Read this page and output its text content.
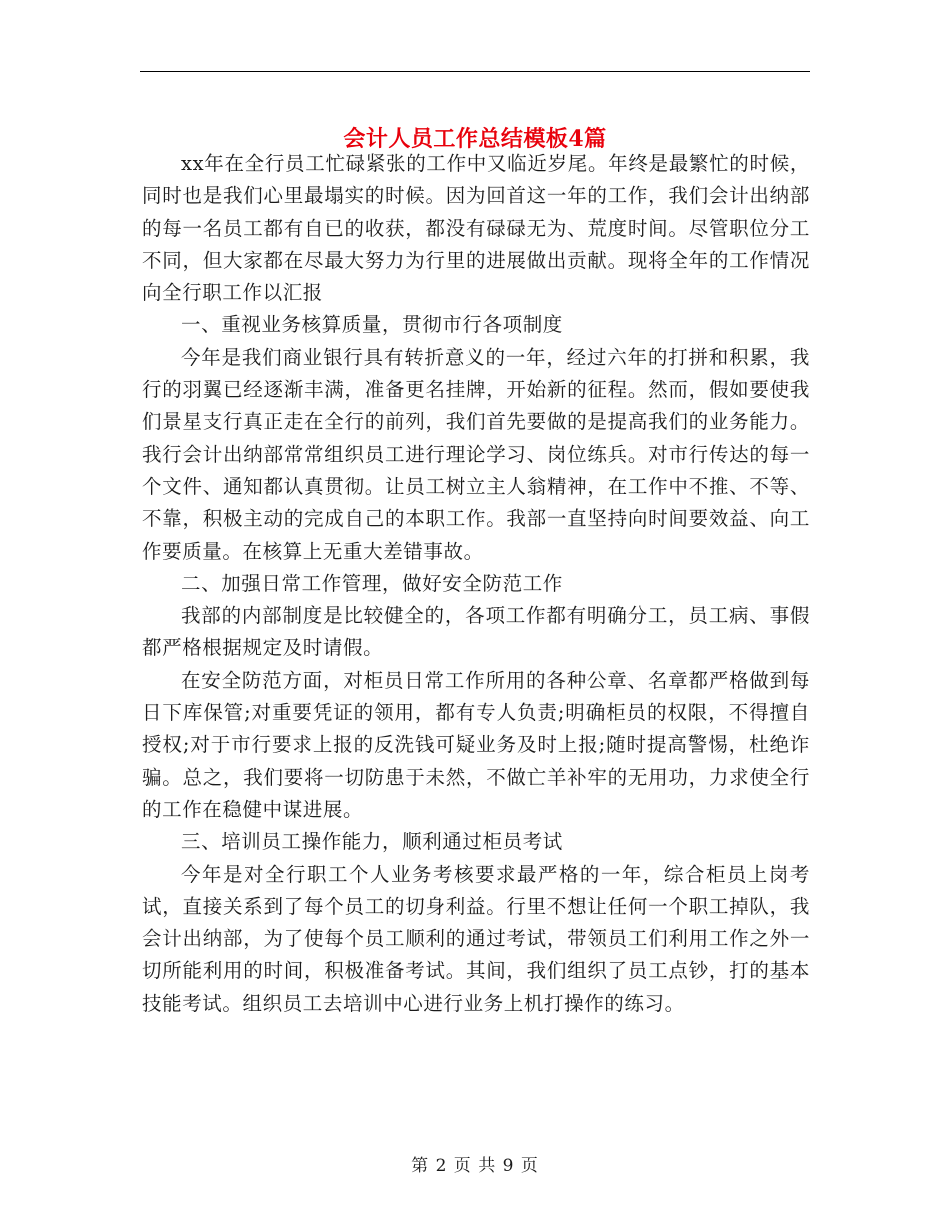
会计人员工作总结模板4篇

xx年在全行员工忙碌紧张的工作中又临近岁尾。年终是最繁忙的时候，同时也是我们心里最塌实的时候。因为回首这一年的工作，我们会计出纳部的每一名员工都有自已的收获，都没有碌碌无为、荒度时间。尽管职位分工不同，但大家都在尽最大努力为行里的进展做出贡献。现将全年的工作情况向全行职工作以汇报

一、重视业务核算质量，贯彻市行各项制度

今年是我们商业银行具有转折意义的一年，经过六年的打拼和积累，我行的羽翼已经逐渐丰满，准备更名挂牌，开始新的征程。然而，假如要使我们景星支行真正走在全行的前列，我们首先要做的是提高我们的业务能力。我行会计出纳部常常组织员工进行理论学习、岗位练兵。对市行传达的每一个文件、通知都认真贯彻。让员工树立主人翁精神，在工作中不推、不等、不靠，积极主动的完成自己的本职工作。我部一直坚持向时间要效益、向工作要质量。在核算上无重大差错事故。

二、加强日常工作管理，做好安全防范工作

我部的内部制度是比较健全的，各项工作都有明确分工，员工病、事假都严格根据规定及时请假。

在安全防范方面，对柜员日常工作所用的各种公章、名章都严格做到每日下库保管;对重要凭证的领用，都有专人负责;明确柜员的权限，不得擅自授权;对于市行要求上报的反洗钱可疑业务及时上报;随时提高警惕，杜绝诈骗。总之，我们要将一切防患于未然，不做亡羊补牢的无用功，力求使全行的工作在稳健中谋进展。

三、培训员工操作能力，顺利通过柜员考试

今年是对全行职工个人业务考核要求最严格的一年，综合柜员上岗考试，直接关系到了每个员工的切身利益。行里不想让任何一个职工掉队，我会计出纳部，为了使每个员工顺利的通过考试，带领员工们利用工作之外一切所能利用的时间，积极准备考试。其间，我们组织了员工点钞，打的基本技能考试。组织员工去培训中心进行业务上机打操作的练习。

第 2 页 共 9 页
